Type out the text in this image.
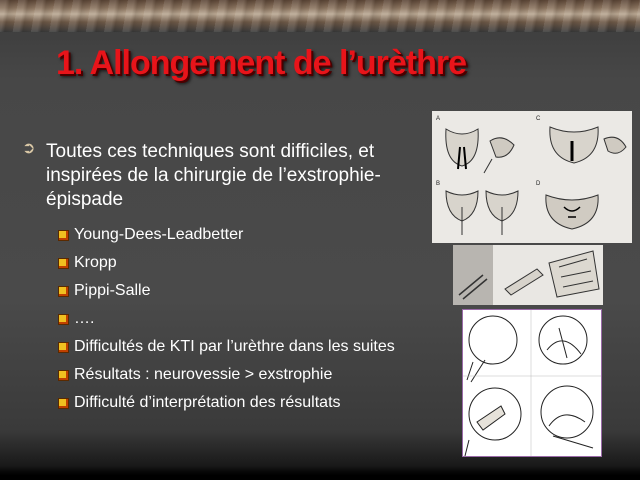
1. Allongement de l’urèthre
➲ Toutes ces techniques sont difficiles, et inspirées de la chirurgie de l’exstrophie-épispade
Young-Dees-Leadbetter
Kropp
Pippi-Salle
….
Difficultés de KTI par l’urèthre dans les suites
Résultats : neurovessie > exstrophie
Difficulté d’interprétation des résultats
A	C
B	D
